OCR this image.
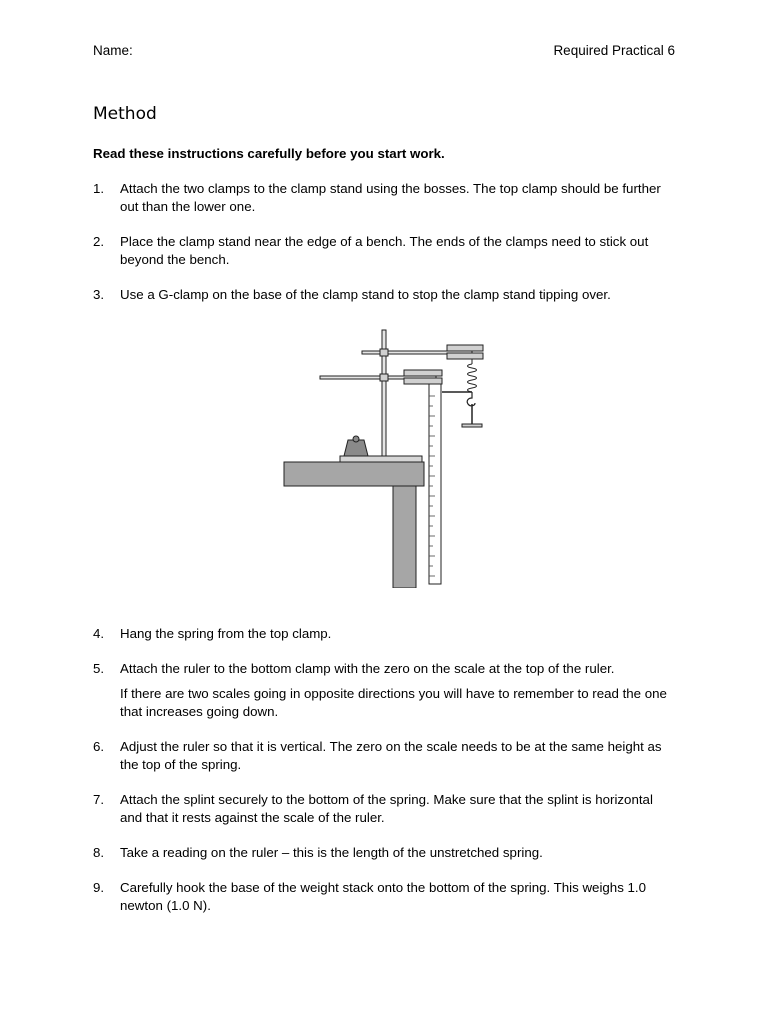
Name:	Required Practical 6
Method
Read these instructions carefully before you start work.
1.	Attach the two clamps to the clamp stand using the bosses. The top clamp should be further out than the lower one.
2.	Place the clamp stand near the edge of a bench. The ends of the clamps need to stick out beyond the bench.
3.	Use a G-clamp on the base of the clamp stand to stop the clamp stand tipping over.
4.	Hang the spring from the top clamp.
5.	Attach the ruler to the bottom clamp with the zero on the scale at the top of the ruler.
If there are two scales going in opposite directions you will have to remember to read the one that increases going down.
6.	Adjust the ruler so that it is vertical. The zero on the scale needs to be at the same height as the top of the spring.
7.	Attach the splint securely to the bottom of the spring. Make sure that the splint is horizontal and that it rests against the scale of the ruler.
8.	Take a reading on the ruler – this is the length of the unstretched spring.
9.	Carefully hook the base of the weight stack onto the bottom of the spring. This weighs 1.0 newton (1.0 N).
